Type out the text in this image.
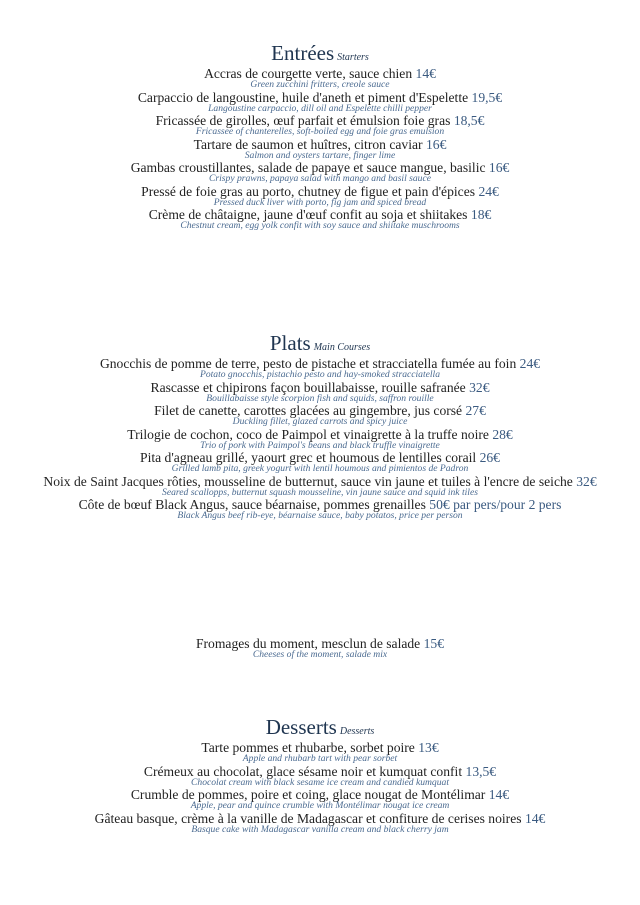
Entrées Starters
Accras de courgette verte, sauce chien 14€
Green zucchini fritters, creole sauce
Carpaccio de langoustine, huile d'aneth et piment d'Espelette 19,5€
Langoustine carpaccio, dill oil and Espelette chilli pepper
Fricassée de girolles, œuf parfait et émulsion foie gras 18,5€
Fricassee of chanterelles, soft-boiled egg and foie gras emulsion
Tartare de saumon et huîtres, citron caviar 16€
Salmon and oysters tartare, finger lime
Gambas croustillantes, salade de papaye et sauce mangue, basilic 16€
Crispy prawns, papaya salad with mango and basil sauce
Pressé de foie gras au porto, chutney de figue et pain d'épices 24€
Pressed duck liver with porto, fig jam and spiced bread
Crème de châtaigne, jaune d'œuf confit au soja et shiitakes 18€
Chestnut cream, egg yolk confit with soy sauce and shiitake muschrooms
Plats Main Courses
Gnocchis de pomme de terre, pesto de pistache et stracciatella fumée au foin 24€
Potato gnocchis, pistachio pesto and hay-smoked stracciatella
Rascasse et chipirons façon bouillabaisse, rouille safranée 32€
Bouillabaisse style scorpion fish and squids, saffron rouille
Filet de canette, carottes glacées au gingembre, jus corsé 27€
Duckling fillet, glazed carrots and spicy juice
Trilogie de cochon, coco de Paimpol et vinaigrette à la truffe noire 28€
Trio of pork with Paimpol's beans and black truffle vinaigrette
Pita d'agneau grillé, yaourt grec et houmous de lentilles corail 26€
Grilled lamb pita, greek yogurt with lentil houmous and pimientos de Padron
Noix de Saint Jacques rôties, mousseline de butternut, sauce vin jaune et tuiles à l'encre de seiche 32€
Seared scallopps, butternut squash mousseline, vin jaune sauce and squid ink tiles
Côte de bœuf Black Angus, sauce béarnaise, pommes grenailles 50€ par pers/pour 2 pers
Black Angus beef rib-eye, béarnaise sauce, baby potatos, price per person
Fromages du moment, mesclun de salade 15€
Cheeses of the moment, salade mix
Desserts Desserts
Tarte pommes et rhubarbe, sorbet poire 13€
Apple and rhubarb tart with pear sorbet
Crémeux au chocolat, glace sésame noir et kumquat confit 13,5€
Chocolat cream with black sesame ice cream and candied kumquat
Crumble de pommes, poire et coing, glace nougat de Montélimar 14€
Apple, pear and quince crumble with Montélimar nougat ice cream
Gâteau basque, crème à la vanille de Madagascar et confiture de cerises noires 14€
Basque cake with Madagascar vanilla cream and black cherry jam
